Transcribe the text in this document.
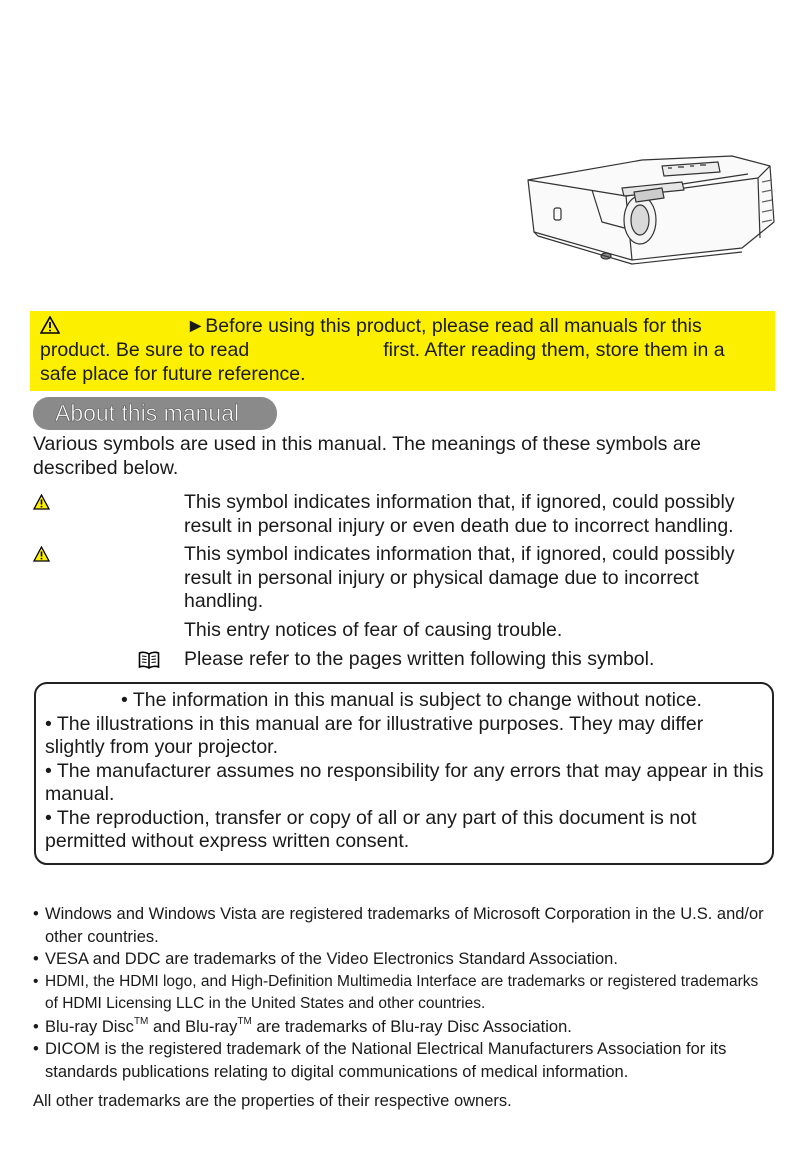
►Before using this product, please read all manuals for this
product. Be sure to read	first. After reading them, store them in a
safe place for future reference.
About this manual
Various symbols are used in this manual. The meanings of these symbols are described below.
This symbol indicates information that, if ignored, could possibly result in personal injury or even death due to incorrect handling.
This symbol indicates information that, if ignored, could possibly result in personal injury or physical damage due to incorrect handling.
This entry notices of fear of causing trouble.
Please refer to the pages written following this symbol.
• The information in this manual is subject to change without notice.
• The illustrations in this manual are for illustrative purposes. They may differ slightly from your projector.
• The manufacturer assumes no responsibility for any errors that may appear in this manual.
• The reproduction, transfer or copy of all or any part of this document is not permitted without express written consent.
• Windows and Windows Vista are registered trademarks of Microsoft Corporation in the U.S. and/or other countries.
• VESA and DDC are trademarks of the Video Electronics Standard Association.
• HDMI, the HDMI logo, and High-Definition Multimedia Interface are trademarks or registered trademarks of HDMI Licensing LLC in the United States and other countries.
• Blu-ray Disc™ and Blu-ray™ are trademarks of Blu-ray Disc Association.
• DICOM is the registered trademark of the National Electrical Manufacturers Association for its standards publications relating to digital communications of medical information.
All other trademarks are the properties of their respective owners.
